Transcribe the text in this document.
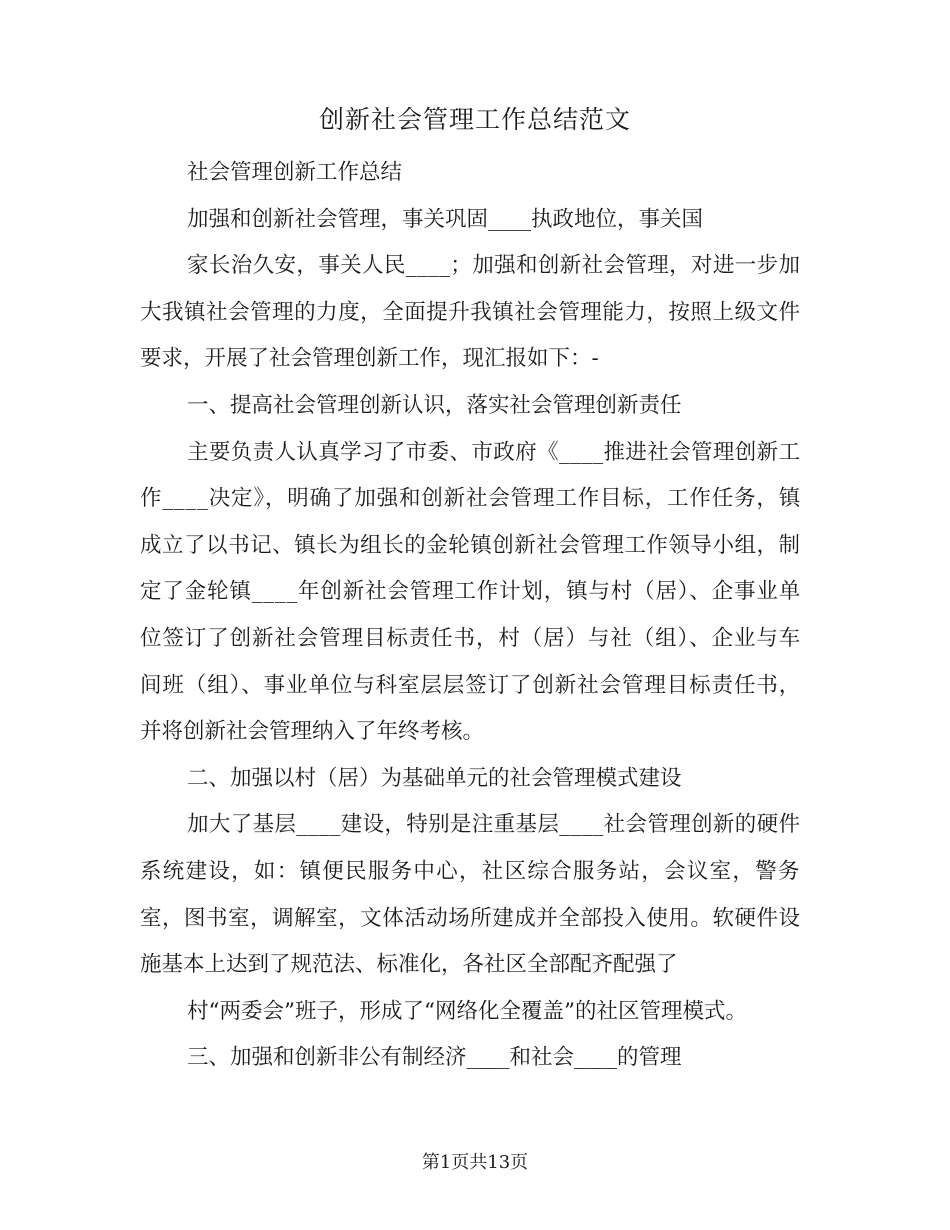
创新社会管理工作总结范文
社会管理创新工作总结
加强和创新社会管理，事关巩固____执政地位，事关国
家长治久安，事关人民____；加强和创新社会管理，对进一步加
大我镇社会管理的力度，全面提升我镇社会管理能力，按照上级文件
要求，开展了社会管理创新工作，现汇报如下：-
一、提高社会管理创新认识，落实社会管理创新责任
主要负责人认真学习了市委、市政府《____推进社会管理创新工
作____决定》，明确了加强和创新社会管理工作目标，工作任务，镇
成立了以书记、镇长为组长的金轮镇创新社会管理工作领导小组，制
定了金轮镇____年创新社会管理工作计划，镇与村（居）、企事业单
位签订了创新社会管理目标责任书，村（居）与社（组）、企业与车
间班（组）、事业单位与科室层层签订了创新社会管理目标责任书，
并将创新社会管理纳入了年终考核。
二、加强以村（居）为基础单元的社会管理模式建设
加大了基层____建设，特别是注重基层____社会管理创新的硬件
系统建设，如：镇便民服务中心，社区综合服务站，会议室，警务
室，图书室，调解室，文体活动场所建成并全部投入使用。软硬件设
施基本上达到了规范法、标准化，各社区全部配齐配强了
村“两委会”班子，形成了“网络化全覆盖”的社区管理模式。
三、加强和创新非公有制经济____和社会____的管理
第1页共13页
